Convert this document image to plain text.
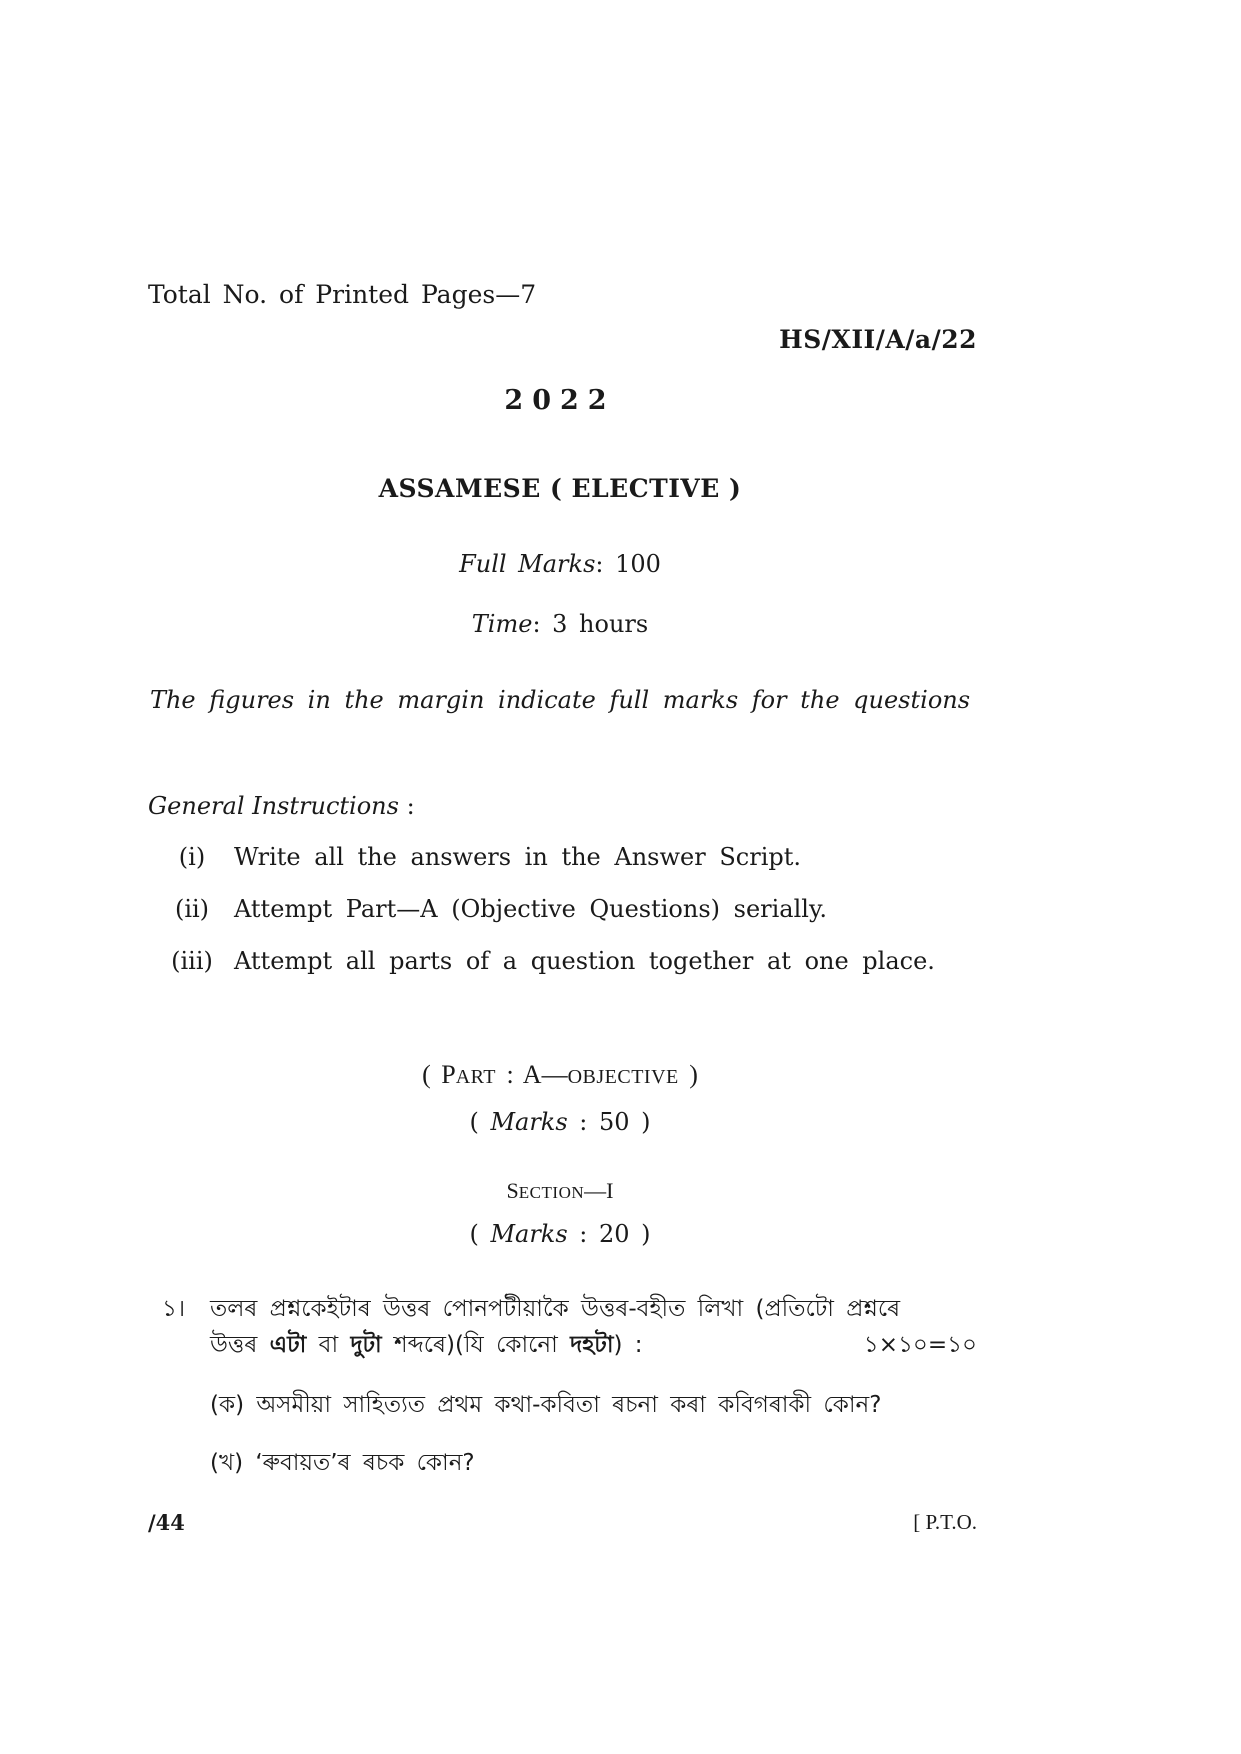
Total No. of Printed Pages—7
HS/XII/A/a/22
2022
ASSAMESE ( ELECTIVE )
Full Marks: 100
Time: 3 hours
The figures in the margin indicate full marks for the questions
General Instructions :
(i) Write all the answers in the Answer Script.
(ii) Attempt Part—A (Objective Questions) serially.
(iii) Attempt all parts of a question together at one place.
( PART : A—OBJECTIVE )
( Marks : 50 )
SECTION—I
( Marks : 20 )
১। তলৰ প্ৰশ্নকেইটাৰ উত্তৰ পোনপটীয়াকৈ উত্তৰ-বহীত লিখা (প্ৰতিটো প্ৰশ্নৰে
উত্তৰ এটা বা দুটা শব্দৰে)(যি কোনো দহটা) :	১×১০=১০
(ক) অসমীয়া সাহিত্যত প্ৰথম কথা-কবিতা ৰচনা কৰা কবিগৰাকী কোন?
(খ) ‘ৰুবায়ত’ৰ ৰচক কোন?
/44	[ P.T.O.
